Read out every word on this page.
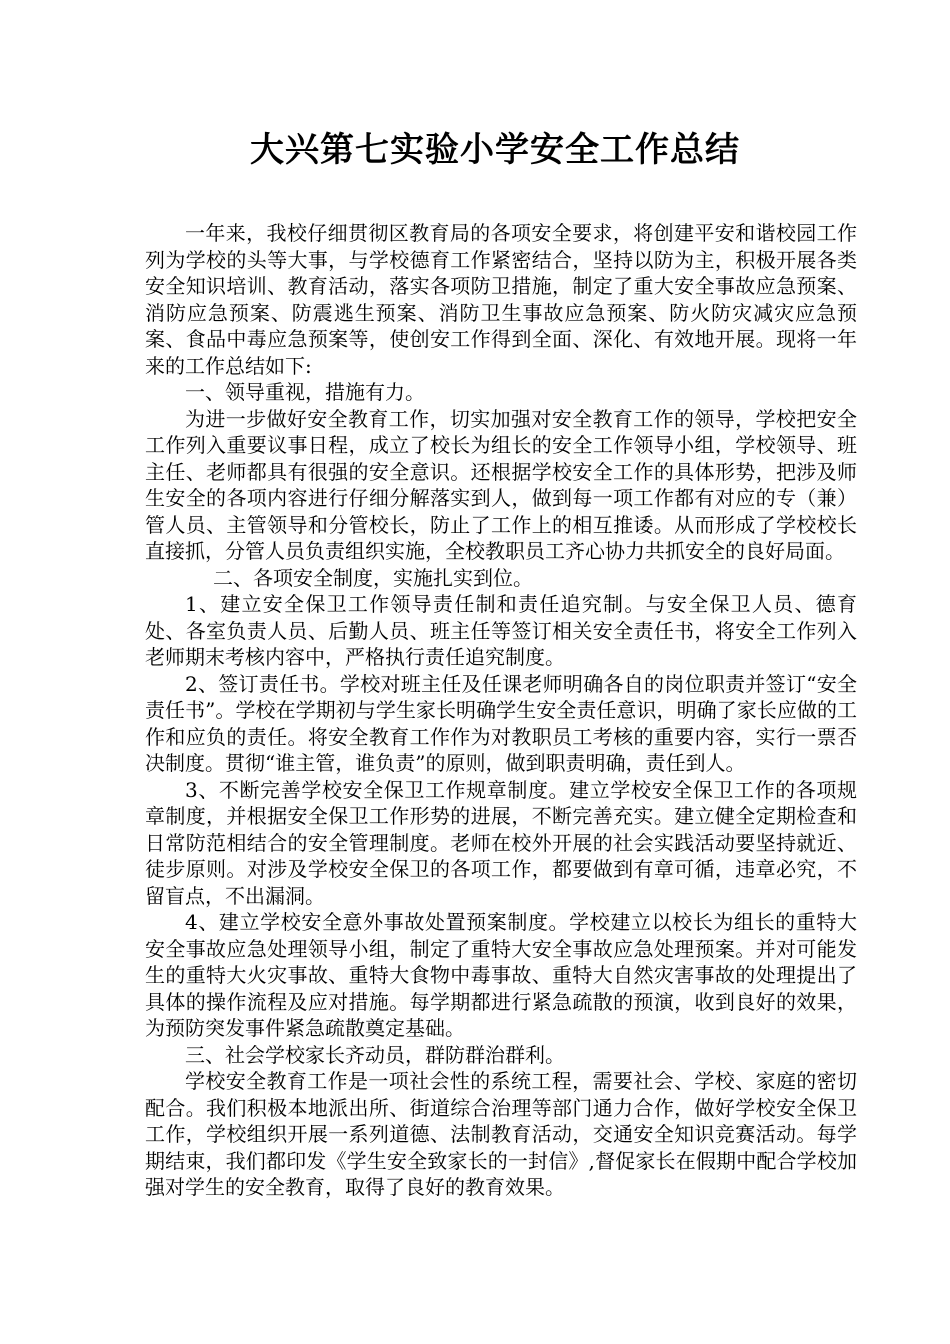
大兴第七实验小学安全工作总结

一年来，我校仔细贯彻区教育局的各项安全要求，将创建平安和谐校园工作列为学校的头等大事，与学校德育工作紧密结合，坚持以防为主，积极开展各类安全知识培训、教育活动，落实各项防卫措施，制定了重大安全事故应急预案、消防应急预案、防震逃生预案、消防卫生事故应急预案、防火防灾减灾应急预案、食品中毒应急预案等，使创安工作得到全面、深化、有效地开展。现将一年来的工作总结如下:

一、领导重视，措施有力。

为进一步做好安全教育工作，切实加强对安全教育工作的领导，学校把安全工作列入重要议事日程，成立了校长为组长的安全工作领导小组，学校领导、班主任、老师都具有很强的安全意识。还根据学校安全工作的具体形势，把涉及师生安全的各项内容进行仔细分解落实到人，做到每一项工作都有对应的专（兼）管人员、主管领导和分管校长，防止了工作上的相互推诿。从而形成了学校校长直接抓，分管人员负责组织实施，全校教职员工齐心协力共抓安全的良好局面。

二、各项安全制度，实施扎实到位。

1、建立安全保卫工作领导责任制和责任追究制。与安全保卫人员、德育处、各室负责人员、后勤人员、班主任等签订相关安全责任书，将安全工作列入老师期末考核内容中，严格执行责任追究制度。

2、签订责任书。学校对班主任及任课老师明确各自的岗位职责并签订“安全责任书”。学校在学期初与学生家长明确学生安全责任意识，明确了家长应做的工作和应负的责任。将安全教育工作作为对教职员工考核的重要内容，实行一票否决制度。贯彻“谁主管，谁负责”的原则，做到职责明确，责任到人。

3、不断完善学校安全保卫工作规章制度。建立学校安全保卫工作的各项规章制度，并根据安全保卫工作形势的进展，不断完善充实。建立健全定期检查和日常防范相结合的安全管理制度。老师在校外开展的社会实践活动要坚持就近、徒步原则。对涉及学校安全保卫的各项工作，都要做到有章可循，违章必究，不留盲点，不出漏洞。

4、建立学校安全意外事故处置预案制度。学校建立以校长为组长的重特大安全事故应急处理领导小组，制定了重特大安全事故应急处理预案。并对可能发生的重特大火灾事故、重特大食物中毒事故、重特大自然灾害事故的处理提出了具体的操作流程及应对措施。每学期都进行紧急疏散的预演，收到良好的效果，为预防突发事件紧急疏散奠定基础。

三、社会学校家长齐动员，群防群治群利。

学校安全教育工作是一项社会性的系统工程，需要社会、学校、家庭的密切配合。我们积极本地派出所、街道综合治理等部门通力合作，做好学校安全保卫工作，学校组织开展一系列道德、法制教育活动，交通安全知识竞赛活动。每学期结束，我们都印发《学生安全致家长的一封信》,督促家长在假期中配合学校加强对学生的安全教育，取得了良好的教育效果。
